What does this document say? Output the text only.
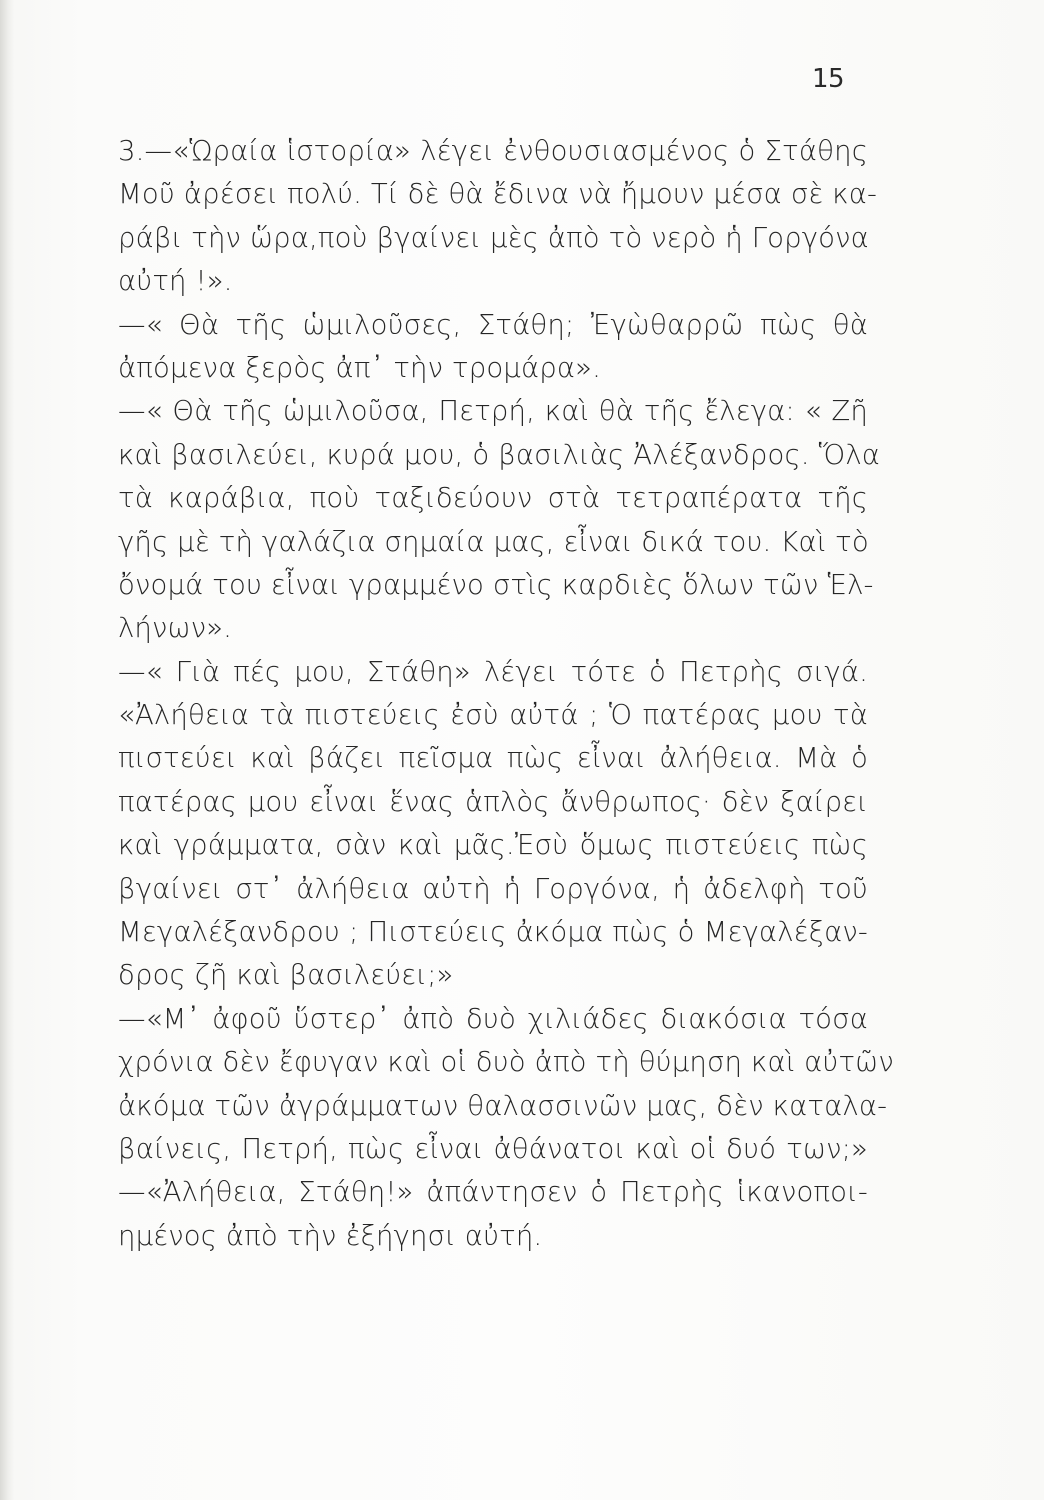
15
3.—«Ὡραία ἱστορία» λέγει ἐνθουσιασμένος ὁ Στάθης
Μοῦ ἀρέσει πολύ. Τί δὲ θὰ ἔδινα νὰ ἤμουν μέσα σὲ κα-
ράβι τὴν ὥρα,ποὺ βγαίνει μὲς ἀπὸ τὸ νερὸ ἡ Γοργόνα
αὐτή !».
—« Θὰ τῆς ὡμιλοῦσες, Στάθη; Ἐγὼθαρρῶ πὼς θὰ
ἀπόμενα ξερὸς ἀπ᾽ τὴν τρομάρα».
—« Θὰ τῆς ὡμιλοῦσα, Πετρή, καὶ θὰ τῆς ἔλεγα: « Ζῆ
καὶ βασιλεύει, κυρά μου, ὁ βασιλιὰς Ἀλέξανδρος. Ὅλα
τὰ καράβια, ποὺ ταξιδεύουν στὰ τετραπέρατα τῆς
γῆς μὲ τὴ γαλάζια σημαία μας, εἶναι δικά του. Καὶ τὸ
ὄνομά του εἶναι γραμμένο στὶς καρδιὲς ὅλων τῶν Ἑλ-
λήνων».
—« Γιὰ πές μου, Στάθη» λέγει τότε ὁ Πετρὴς σιγά.
«Ἀλήθεια τὰ πιστεύεις ἐσὺ αὐτά ; Ὁ πατέρας μου τὰ
πιστεύει καὶ βάζει πεῖσμα πὼς εἶναι ἀλήθεια. Μὰ ὁ
πατέρας μου εἶναι ἕνας ἁπλὸς ἄνθρωπος· δὲν ξαίρει
καὶ γράμματα, σὰν καὶ μᾶς.Ἐσὺ ὅμως πιστεύεις πὼς
βγαίνει στ᾽ ἀλήθεια αὐτὴ ἡ Γοργόνα, ἡ ἀδελφὴ τοῦ
Μεγαλέξανδρου ; Πιστεύεις ἀκόμα πὼς ὁ Μεγαλέξαν-
δρος ζῆ καὶ βασιλεύει;»
—«Μ᾽ ἀφοῦ ὕστερ᾽ ἀπὸ δυὸ χιλιάδες διακόσια τόσα
χρόνια δὲν ἔφυγαν καὶ οἱ δυὸ ἀπὸ τὴ θύμηση καὶ αὐτῶν
ἀκόμα τῶν ἀγράμματων θαλασσινῶν μας, δὲν καταλα-
βαίνεις, Πετρή, πὼς εἶναι ἀθάνατοι καὶ οἱ δυό των;»
—«Ἀλήθεια, Στάθη!» ἀπάντησεν ὁ Πετρὴς ἱκανοποι-
ημένος ἀπὸ τὴν ἐξήγησι αὐτή.
